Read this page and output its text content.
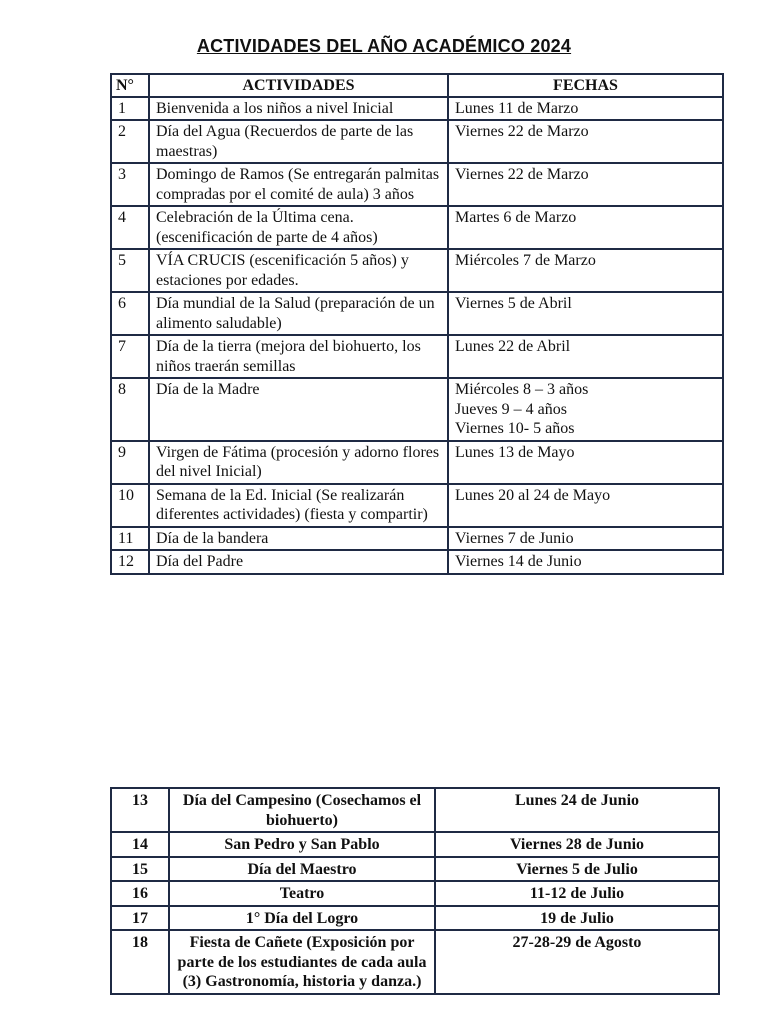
ACTIVIDADES DEL AÑO ACADÉMICO 2024
N°	ACTIVIDADES	FECHAS
1	Bienvenida a los niños a nivel Inicial	Lunes 11 de Marzo
2	Día del Agua (Recuerdos de parte de las maestras)	Viernes 22 de Marzo
3	Domingo de Ramos (Se entregarán palmitas compradas por el comité de aula) 3 años	Viernes 22 de Marzo
4	Celebración de la Última cena. (escenificación de parte de 4 años)	Martes 6 de Marzo
5	VÍA CRUCIS (escenificación 5 años) y estaciones por edades.	Miércoles 7 de Marzo
6	Día mundial de la Salud (preparación de un alimento saludable)	Viernes 5 de Abril
7	Día de la tierra (mejora del biohuerto, los niños traerán semillas	Lunes 22 de Abril
8	Día de la Madre	Miércoles 8 – 3 años
Jueves 9 – 4 años
Viernes 10- 5 años
9	Virgen de Fátima (procesión y adorno flores del nivel Inicial)	Lunes 13 de Mayo
10	Semana de la Ed. Inicial (Se realizarán diferentes actividades) (fiesta y compartir)	Lunes 20 al 24 de Mayo
11	Día de la bandera	Viernes 7 de Junio
12	Día del Padre	Viernes 14 de Junio
13	Día del Campesino (Cosechamos el biohuerto)	Lunes 24 de Junio
14	San Pedro y San Pablo	Viernes 28 de Junio
15	Día del Maestro	Viernes 5 de Julio
16	Teatro	11-12 de Julio
17	1° Día del Logro	19 de Julio
18	Fiesta de Cañete (Exposición por parte de los estudiantes de cada aula (3) Gastronomía, historia y danza.)	27-28-29 de Agosto
